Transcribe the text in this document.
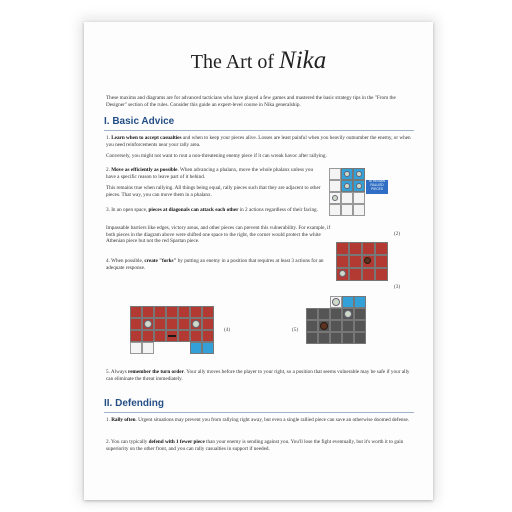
The Art of Nika
These maxims and diagrams are for advanced tacticians who have played a few games and mastered the basic strategy tips in the "From the Designer" section of the rules. Consider this guide an expert-level course in Nika generalship.
I. Basic Advice
1. Learn when to accept casualties and when to keep your pieces alive. Losses are least painful when you heavily outnumber the enemy, or when you need reinforcements near your rally area.
Conversely, you might not want to rout a non-threatening enemy piece if it can wreak havoc after rallying.
2. Move as efficiently as possible. When advancing a phalanx, move the whole phalanx unless you have a specific reason to leave part of it behind.
This remains true when rallying. All things being equal, rally pieces such that they are adjacent to other pieces. That way, you can move them in a phalanx.
3. In an open space, pieces at diagonals can attack each other in 2 actions regardless of their facing.
Impassable barriers like edges, victory areas, and other pieces can prevent this vulnerability. For example, if both pieces in the diagram above were shifted one space to the right, the corner would protect the white Athenian piece but not the red Spartan piece.
4. When possible, create "forks" by putting an enemy in a position that requires at least 3 actions for an adequate response.
ATHENIAN RALLIED PIECES
(2)
(3)
(4)	(5)
5. Always remember the turn order. Your ally moves before the player to your right, so a position that seems vulnerable may be safe if your ally can eliminate the threat immediately.
II. Defending
1. Rally often. Urgent situations may prevent you from rallying right away, but even a single rallied piece can save an otherwise doomed defense.
2. You can typically defend with 1 fewer piece than your enemy is sending against you. You'll lose the fight eventually, but it's worth it to gain superiority on the other front, and you can rally casualties in support if needed.
